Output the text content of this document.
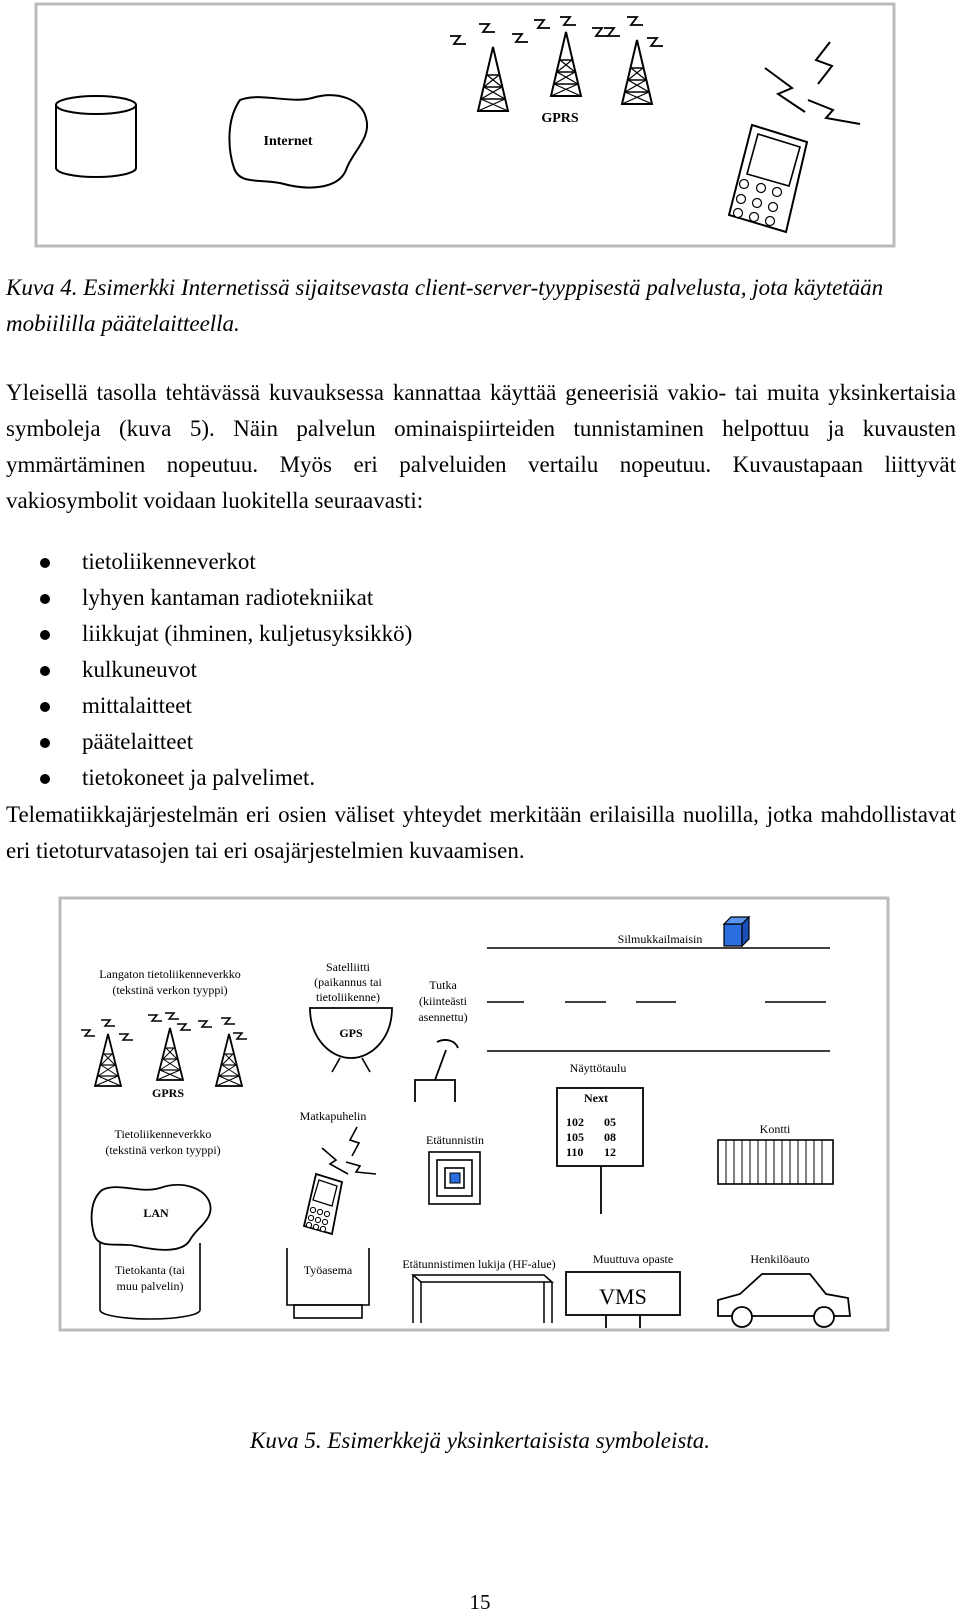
Internet
GPRS
Kuva 4. Esimerkki Internetissä sijaitsevasta client-server-tyyppisestä palvelusta, jota käytetään mobiililla päätelaitteella.
Yleisellä tasolla tehtävässä kuvauksessa kannattaa käyttää geneerisiä vakio- tai muita yksinkertaisia symboleja (kuva 5). Näin palvelun ominaispiirteiden tunnistaminen helpottuu ja kuvausten ymmärtäminen nopeutuu. Myös eri palveluiden vertailu nopeutuu. Kuvaustapaan liittyvät vakiosymbolit voidaan luokitella seuraavasti:
tietoliikenneverkot
lyhyen kantaman radiotekniikat
liikkujat (ihminen, kuljetusyksikkö)
kulkuneuvot
mittalaitteet
päätelaitteet
tietokoneet ja palvelimet.
Telematiikkajärjestelmän eri osien väliset yhteydet merkitään erilaisilla nuolilla, jotka mahdollistavat eri tietoturvatasojen tai eri osajärjestelmien kuvaamisen.
Silmukkailmaisin
Langaton tietoliikenneverkko
(tekstinä verkon tyyppi)
GPRS
Satelliitti
(paikannus tai
tietoliikenne)
GPS
Tutka
(kiinteästi
asennettu)
Näyttötaulu
Next
102 05
105 08
110 12
Matkapuhelin
Tietoliikenneverkko
(tekstinä verkon tyyppi)
LAN
Etätunnistin
Kontti
Tietokanta (tai
muu palvelin)
Työasema	Etätunnistimen lukija (HF-alue)	Muuttuva opaste
VMS
Henkilöauto
Kuva 5. Esimerkkejä yksinkertaisista symboleista.
15
